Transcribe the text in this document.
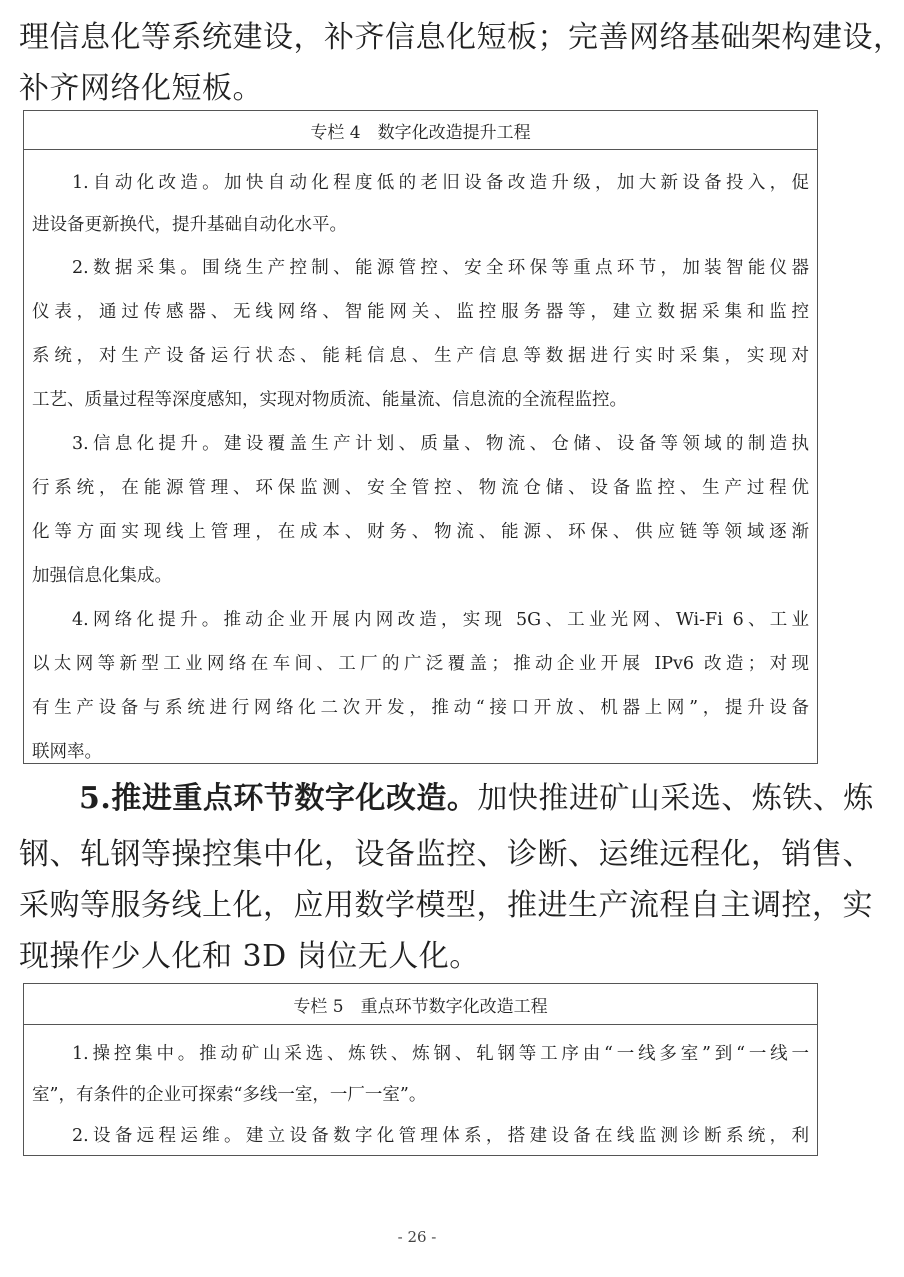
理信息化等系统建设，补齐信息化短板；完善网络基础架构建设，
补齐网络化短板。
专栏 4　数字化改造提升工程
1.自动化改造。加快自动化程度低的老旧设备改造升级，加大新设备投入，促
进设备更新换代，提升基础自动化水平。
2.数据采集。围绕生产控制、能源管控、安全环保等重点环节，加装智能仪器
仪表，通过传感器、无线网络、智能网关、监控服务器等，建立数据采集和监控
系统，对生产设备运行状态、能耗信息、生产信息等数据进行实时采集，实现对
工艺、质量过程等深度感知，实现对物质流、能量流、信息流的全流程监控。
3.信息化提升。建设覆盖生产计划、质量、物流、仓储、设备等领域的制造执
行系统，在能源管理、环保监测、安全管控、物流仓储、设备监控、生产过程优
化等方面实现线上管理，在成本、财务、物流、能源、环保、供应链等领域逐渐
加强信息化集成。
4.网络化提升。推动企业开展内网改造，实现 5G、工业光网、Wi-Fi 6、工业
以太网等新型工业网络在车间、工厂的广泛覆盖；推动企业开展 IPv6 改造；对现
有生产设备与系统进行网络化二次开发，推动“接口开放、机器上网”，提升设备
联网率。
5.推进重点环节数字化改造。加快推进矿山采选、炼铁、炼
钢、轧钢等操控集中化，设备监控、诊断、运维远程化，销售、
采购等服务线上化，应用数学模型，推进生产流程自主调控，实
现操作少人化和 3D 岗位无人化。
专栏 5　重点环节数字化改造工程
1.操控集中。推动矿山采选、炼铁、炼钢、轧钢等工序由“一线多室”到“一线一
室”，有条件的企业可探索“多线一室，一厂一室”。
2.设备远程运维。建立设备数字化管理体系，搭建设备在线监测诊断系统，利
- 26 -
